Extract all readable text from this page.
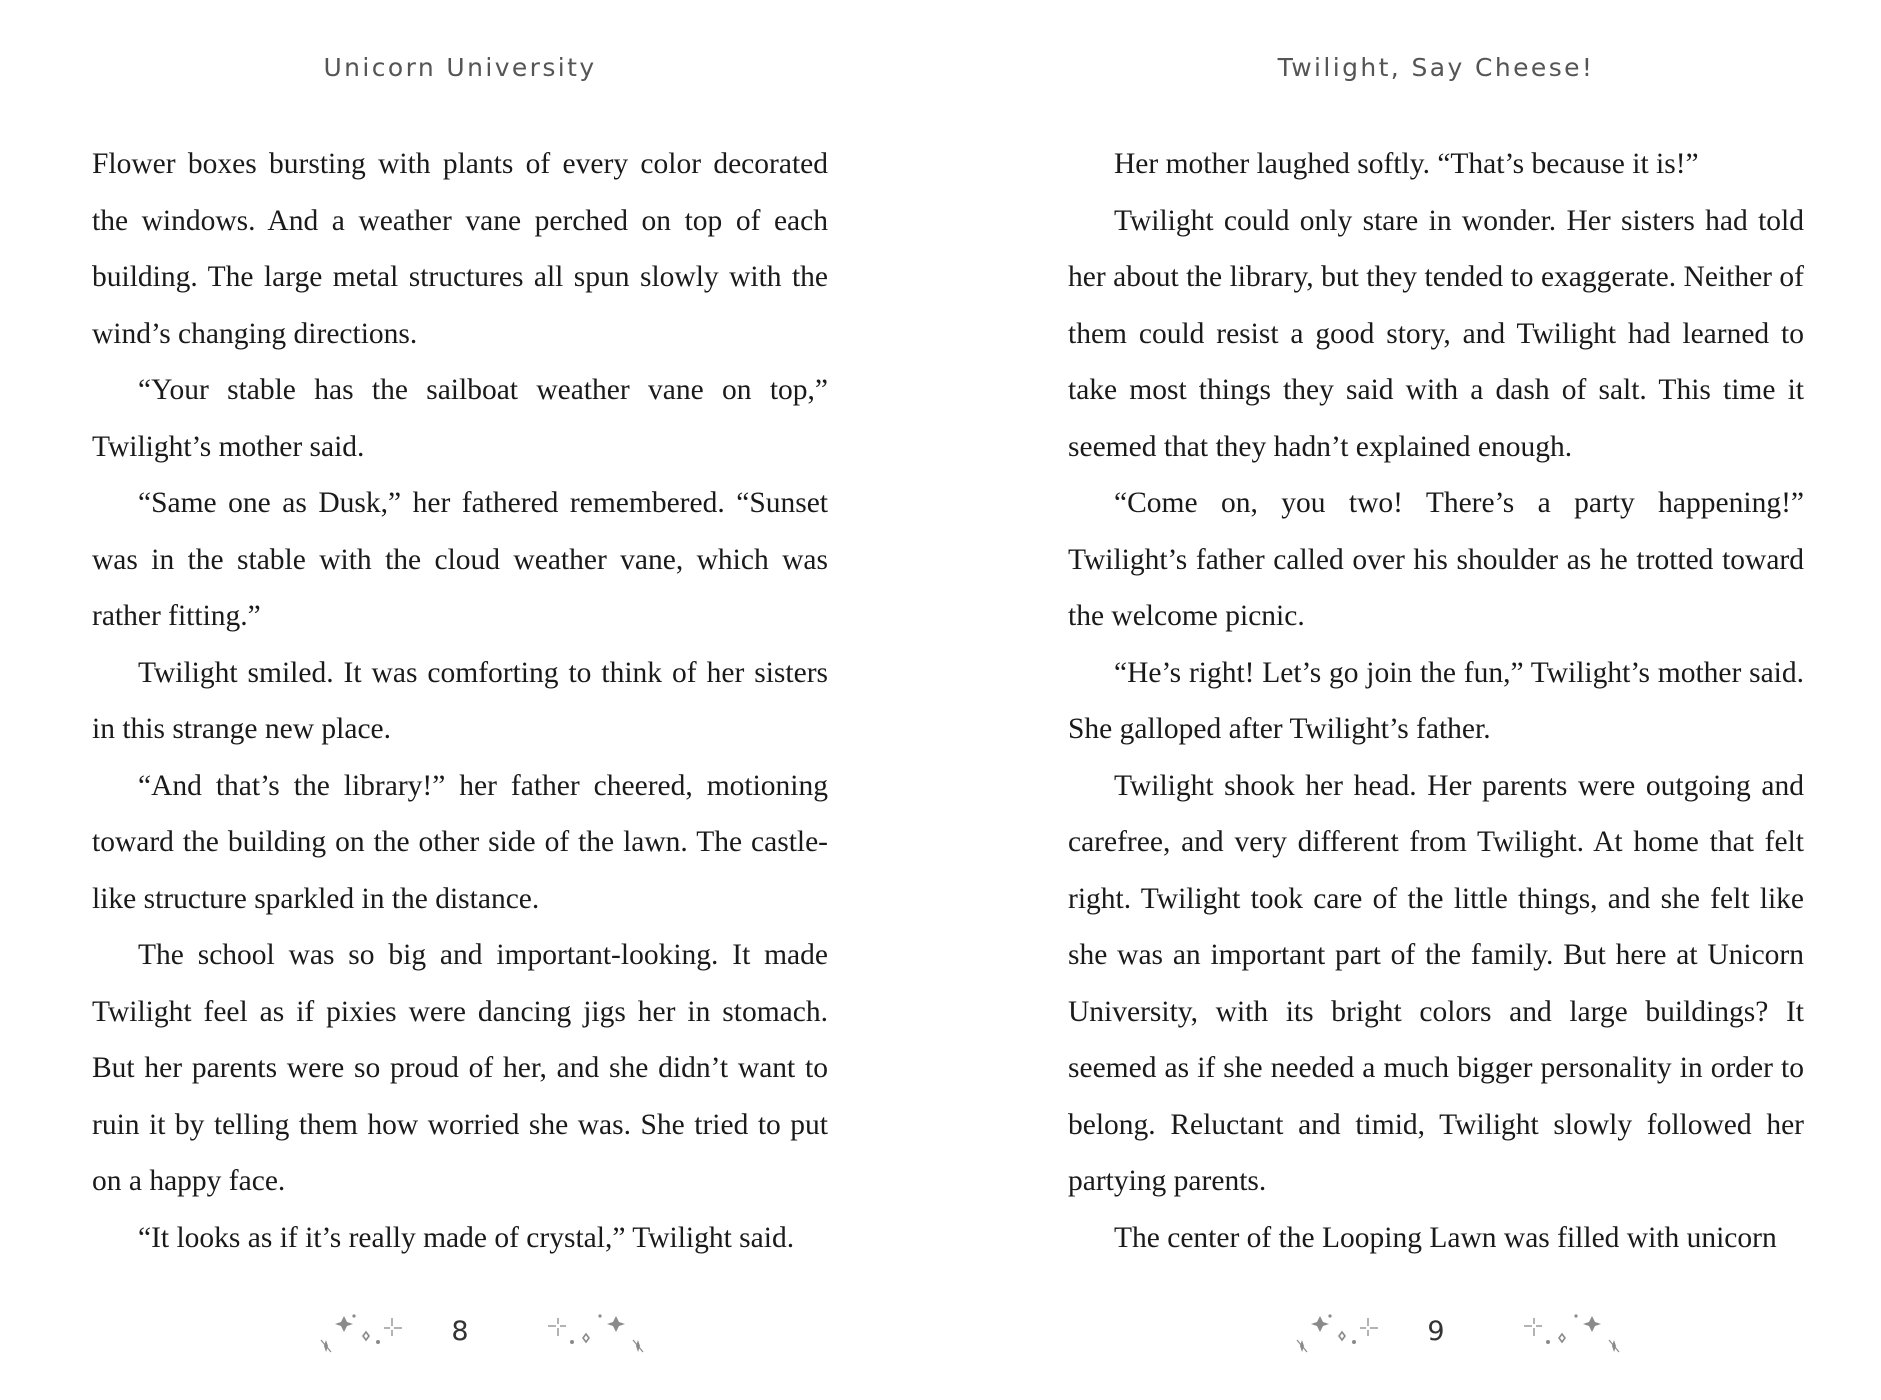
Unicorn University

Flower boxes bursting with plants of every color decorated the windows. And a weather vane perched on top of each building. The large metal structures all spun slowly with the wind’s changing directions.

“Your stable has the sailboat weather vane on top,” Twilight’s mother said.

“Same one as Dusk,” her fathered remembered. “Sunset was in the stable with the cloud weather vane, which was rather fitting.”

Twilight smiled. It was comforting to think of her sisters in this strange new place.

“And that’s the library!” her father cheered, motioning toward the building on the other side of the lawn. The castle-like structure sparkled in the distance.

The school was so big and important-looking. It made Twilight feel as if pixies were dancing jigs her in stomach. But her parents were so proud of her, and she didn’t want to ruin it by telling them how worried she was. She tried to put on a happy face.

“It looks as if it’s really made of crystal,” Twilight said.

8
Twilight, Say Cheese!

Her mother laughed softly. “That’s because it is!”

Twilight could only stare in wonder. Her sisters had told her about the library, but they tended to exaggerate. Neither of them could resist a good story, and Twilight had learned to take most things they said with a dash of salt. This time it seemed that they hadn’t explained enough.

“Come on, you two! There’s a party happening!” Twilight’s father called over his shoulder as he trotted toward the welcome picnic.

“He’s right! Let’s go join the fun,” Twilight’s mother said. She galloped after Twilight’s father.

Twilight shook her head. Her parents were outgoing and carefree, and very different from Twilight. At home that felt right. Twilight took care of the little things, and she felt like she was an important part of the family. But here at Unicorn University, with its bright colors and large buildings? It seemed as if she needed a much bigger personality in order to belong. Reluctant and timid, Twilight slowly followed her partying parents.

The center of the Looping Lawn was filled with unicorn

9
